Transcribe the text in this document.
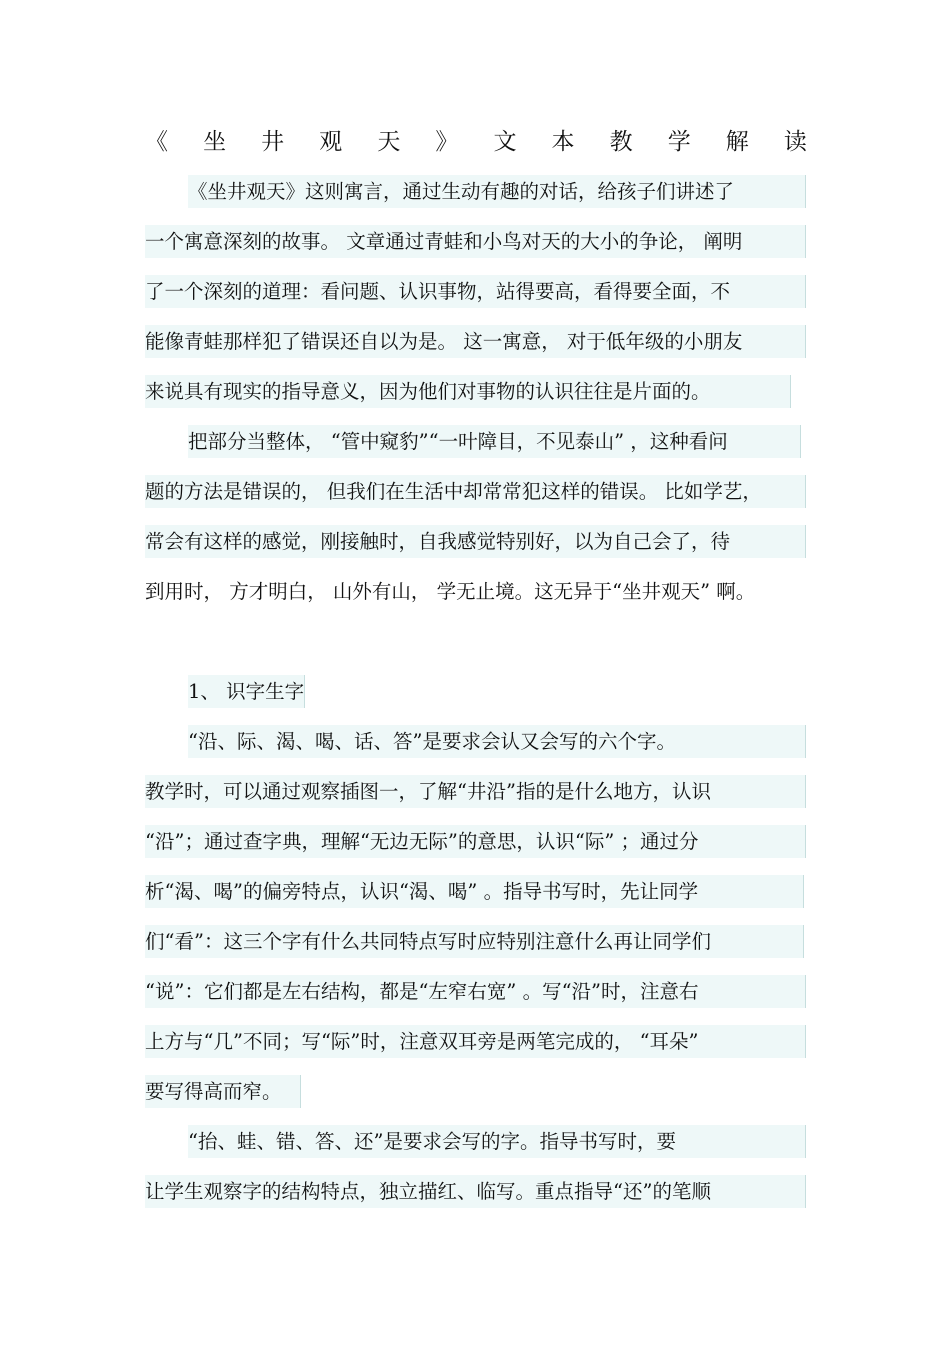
《 坐 井 观 天 》 文 本 教 学 解 读
《坐井观天》这则寓言，通过生动有趣的对话，给孩子们讲述了
一个寓意深刻的故事。 文章通过青蛙和小鸟对天的大小的争论， 阐明
了一个深刻的道理：看问题、认识事物，站得要高，看得要全面，不
能像青蛙那样犯了错误还自以为是。 这一寓意， 对于低年级的小朋友
来说具有现实的指导意义，因为他们对事物的认识往往是片面的。
把部分当整体， “管中窥豹”“一叶障目，不见泰山” ，这种看问
题的方法是错误的， 但我们在生活中却常常犯这样的错误。 比如学艺，
常会有这样的感觉，刚接触时，自我感觉特别好，以为自己会了，待
到用时， 方才明白， 山外有山， 学无止境。这无异于“坐井观天” 啊。
1、 识字生字
“沿、际、渴、喝、话、答”是要求会认又会写的六个字。
教学时，可以通过观察插图一，了解“井沿”指的是什么地方，认识
“沿”；通过查字典，理解“无边无际”的意思，认识“际” ；通过分
析“渴、喝”的偏旁特点，认识“渴、喝” 。指导书写时，先让同学
们“看”：这三个字有什么共同特点写时应特别注意什么再让同学们
“说”：它们都是左右结构，都是“左窄右宽” 。写“沿”时，注意右
上方与“几”不同；写“际”时，注意双耳旁是两笔完成的， “耳朵”
要写得高而窄。
“抬、蛙、错、答、还”是要求会写的字。指导书写时，要
让学生观察字的结构特点，独立描红、临写。重点指导“还”的笔顺
